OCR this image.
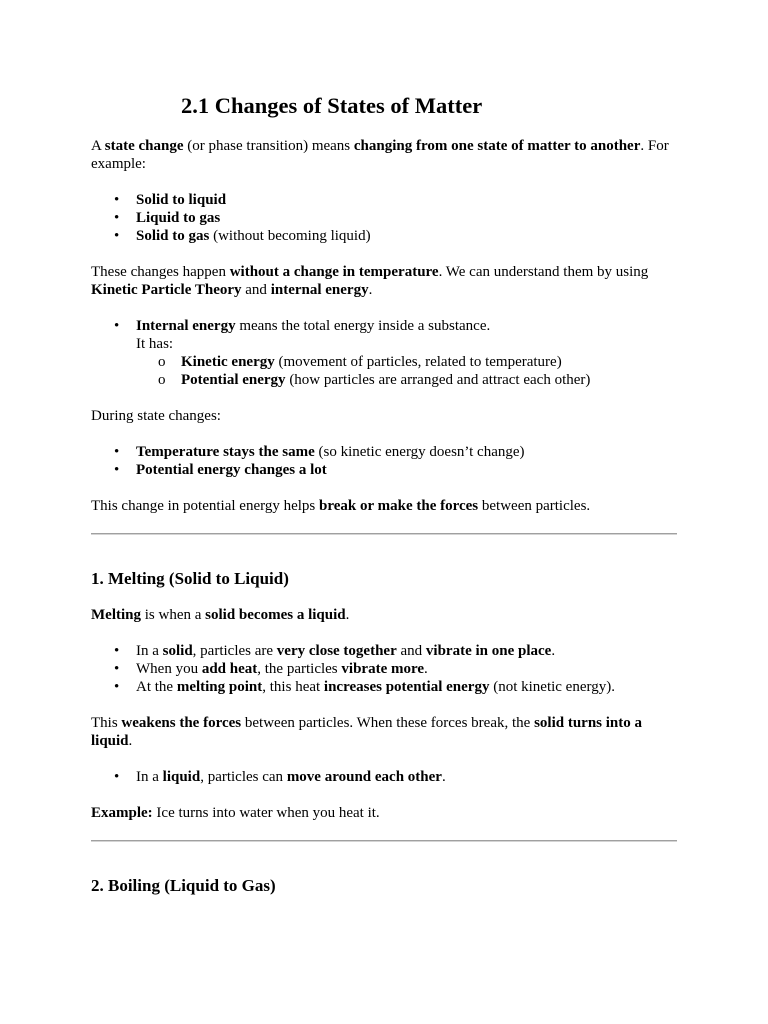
2.1 Changes of States of Matter

A state change (or phase transition) means changing from one state of matter to another. For example:

• Solid to liquid
• Liquid to gas
• Solid to gas (without becoming liquid)

These changes happen without a change in temperature. We can understand them by using Kinetic Particle Theory and internal energy.

• Internal energy means the total energy inside a substance.
It has:
o Kinetic energy (movement of particles, related to temperature)
o Potential energy (how particles are arranged and attract each other)

During state changes:

• Temperature stays the same (so kinetic energy doesn’t change)
• Potential energy changes a lot

This change in potential energy helps break or make the forces between particles.

1. Melting (Solid to Liquid)

Melting is when a solid becomes a liquid.

• In a solid, particles are very close together and vibrate in one place.
• When you add heat, the particles vibrate more.
• At the melting point, this heat increases potential energy (not kinetic energy).

This weakens the forces between particles. When these forces break, the solid turns into a liquid.

• In a liquid, particles can move around each other.

Example: Ice turns into water when you heat it.

2. Boiling (Liquid to Gas)
